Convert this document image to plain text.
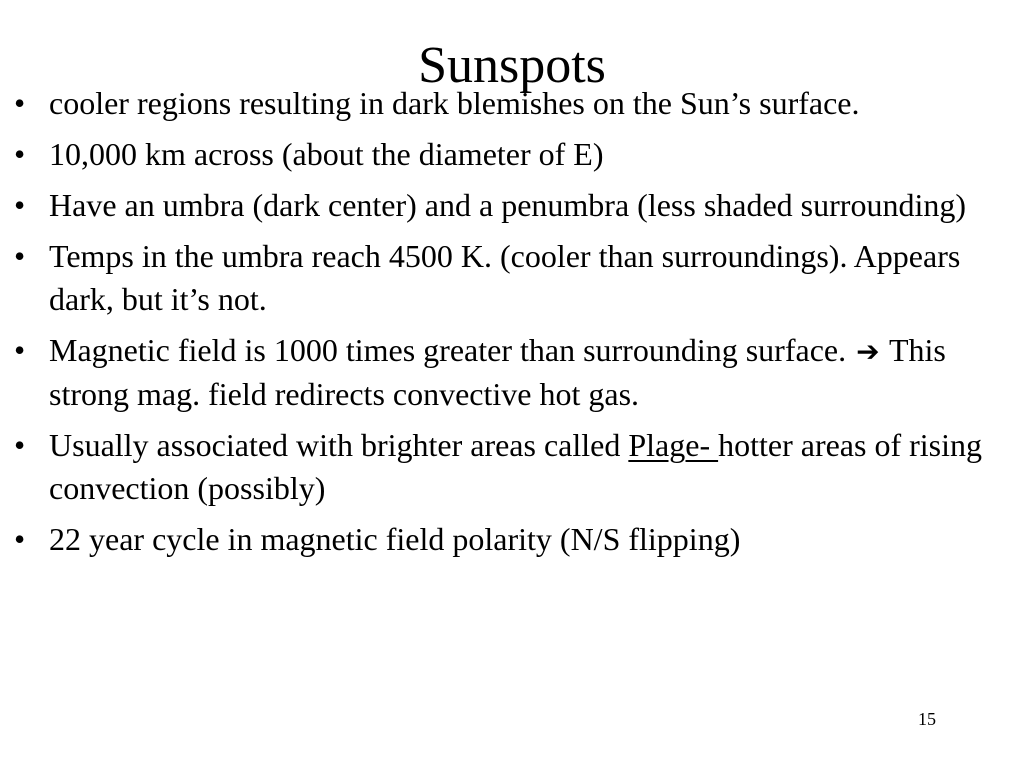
Sunspots
• cooler regions resulting in dark blemishes on the Sun’s surface.
• 10,000 km across (about the diameter of E)
• Have an umbra (dark center) and a penumbra (less shaded surrounding)
• Temps in the umbra reach 4500 K. (cooler than surroundings). Appears dark, but it’s not.
• Magnetic field is 1000 times greater than surrounding surface. ➔ This strong mag. field redirects convective hot gas.
• Usually associated with brighter areas called Plage- hotter areas of rising convection (possibly)
• 22 year cycle in magnetic field polarity (N/S flipping)
15
